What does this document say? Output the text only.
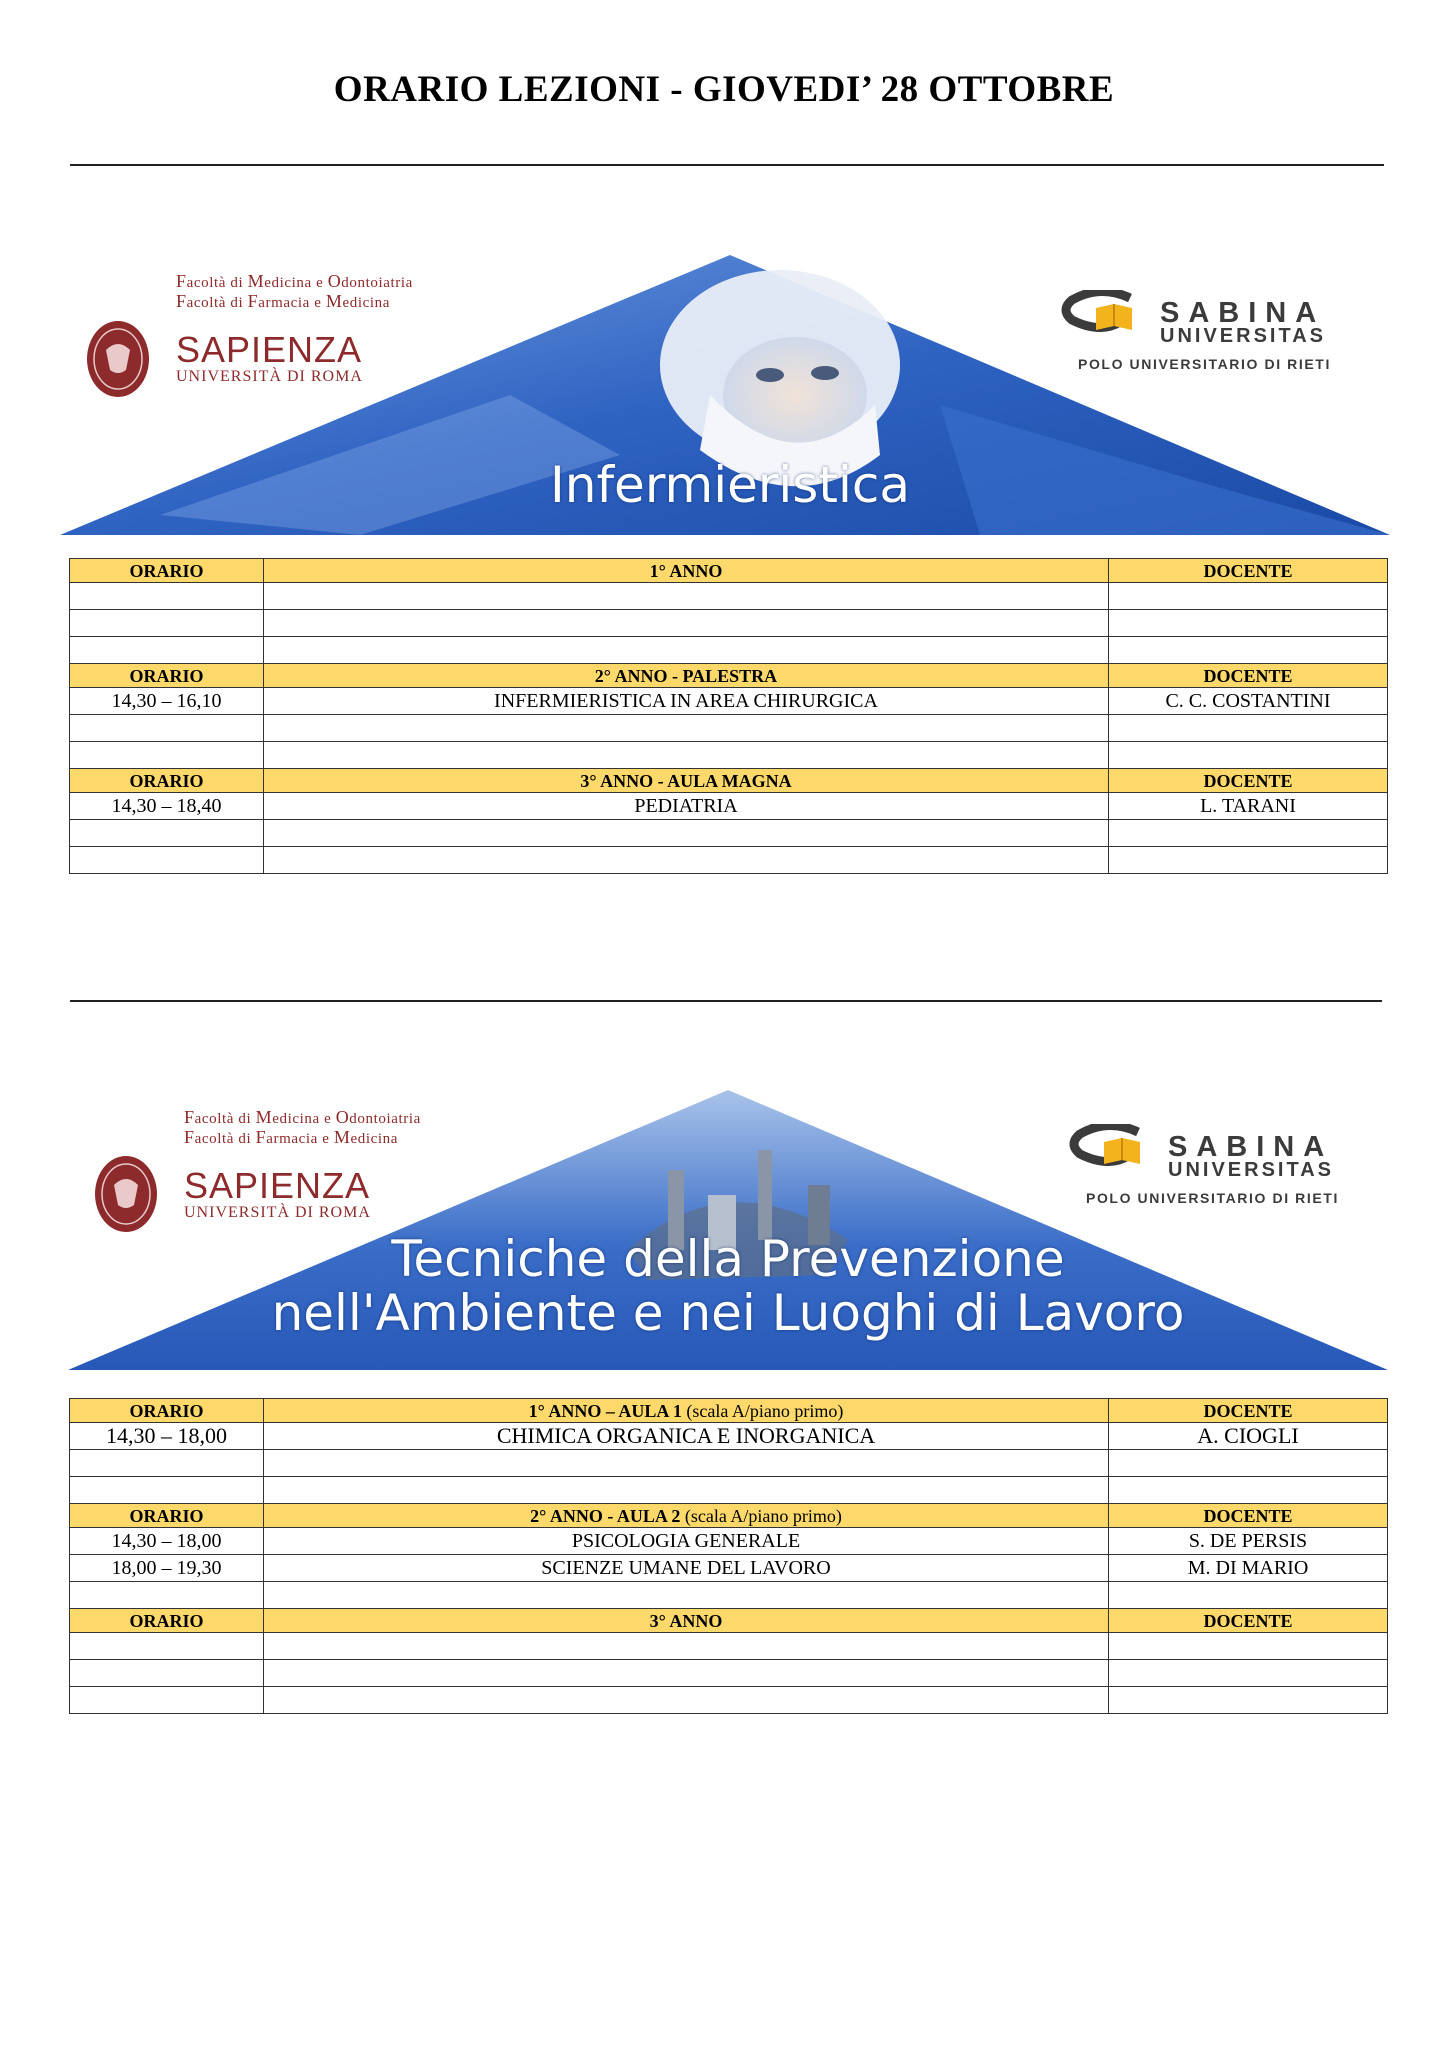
ORARIO LEZIONI - GIOVEDI’ 28 OTTOBRE
Infermieristica
Facoltà di Medicina e Odontoiatria
Facoltà di Farmacia e Medicina
SAPIENZA
UNIVERSITÀ DI ROMA
SABINA
UNIVERSITAS
POLO UNIVERSITARIO DI RIETI
ORARIO	1° ANNO	DOCENTE

ORARIO	2° ANNO - PALESTRA	DOCENTE
14,30 – 16,10	INFERMIERISTICA IN AREA CHIRURGICA	C. C. COSTANTINI

ORARIO	3° ANNO - AULA MAGNA	DOCENTE
14,30 – 18,40	PEDIATRIA	L. TARANI

Tecniche della Prevenzione
nell'Ambiente e nei Luoghi di Lavoro
Facoltà di Medicina e Odontoiatria
Facoltà di Farmacia e Medicina
SAPIENZA
UNIVERSITÀ DI ROMA
SABINA
UNIVERSITAS
POLO UNIVERSITARIO DI RIETI
ORARIO	1° ANNO – AULA 1 (scala A/piano primo)	DOCENTE
14,30 – 18,00	CHIMICA ORGANICA E INORGANICA	A. CIOGLI

ORARIO	2° ANNO - AULA 2 (scala A/piano primo)	DOCENTE
14,30 – 18,00	PSICOLOGIA GENERALE	S. DE PERSIS
18,00 – 19,30	SCIENZE UMANE DEL LAVORO	M. DI MARIO

ORARIO	3° ANNO	DOCENTE
